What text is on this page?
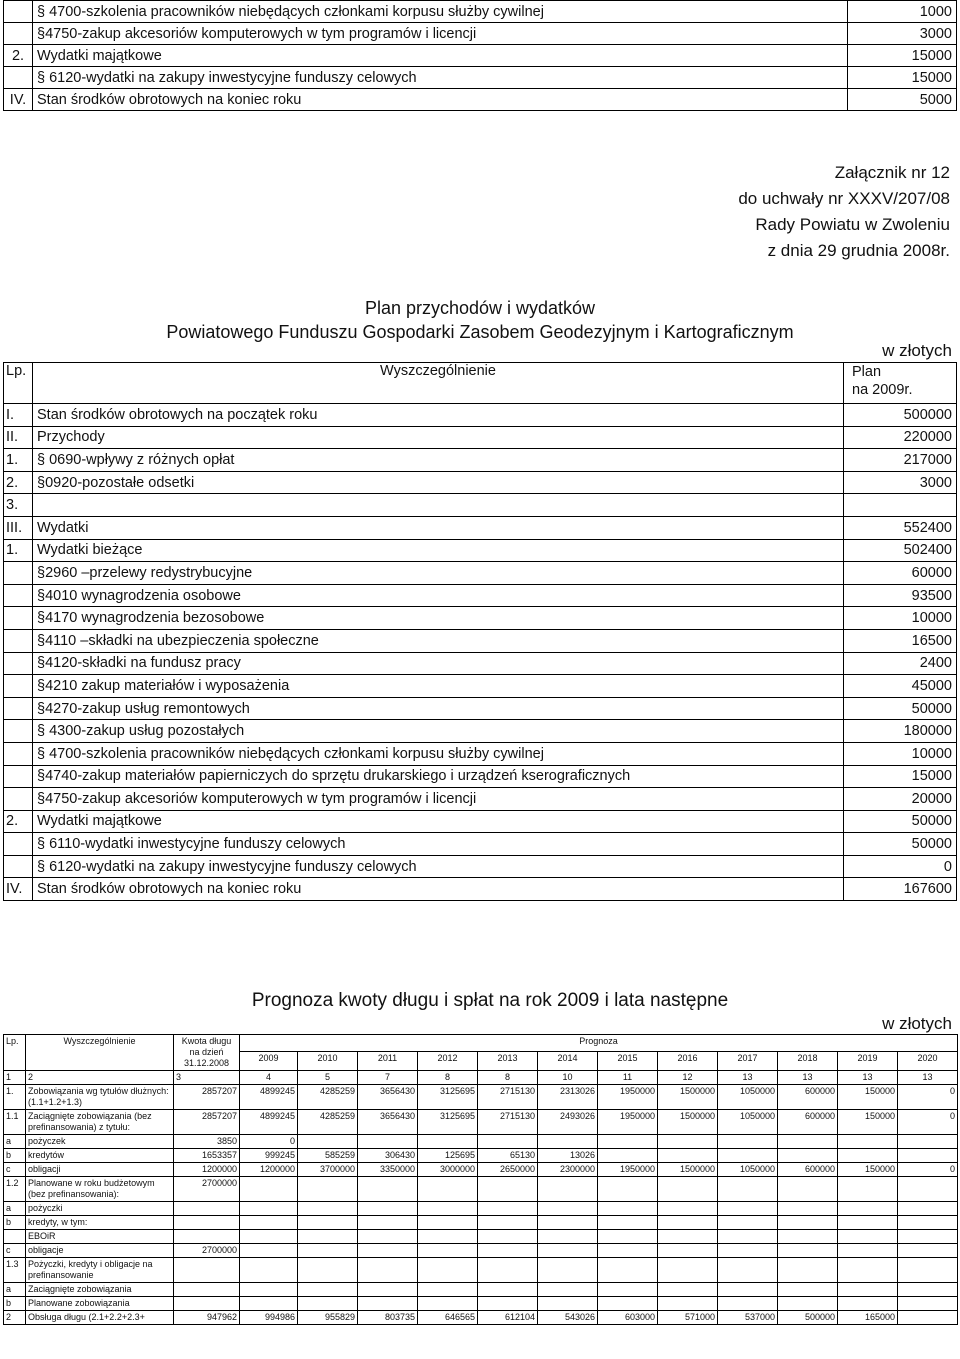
	§ 4700-szkolenia pracowników niebędących członkami korpusu służby cywilnej	1000
	§4750-zakup akcesoriów komputerowych w tym programów i licencji	3000
2.	Wydatki majątkowe	15000
	§ 6120-wydatki na zakupy inwestycyjne funduszy celowych	15000
IV.	Stan środków obrotowych na koniec roku	5000
Załącznik nr 12
do uchwały nr XXXV/207/08
Rady Powiatu w Zwoleniu
z dnia 29 grudnia 2008r.
Plan przychodów i wydatków
Powiatowego Funduszu Gospodarki Zasobem Geodezyjnym i Kartograficznym
w złotych
Lp.	Wyszczególnienie	Plan
na 2009r.

I.	Stan środków obrotowych na początek roku	500000
II.	Przychody	220000
1.	§ 0690-wpływy z różnych opłat	217000
2.	§0920-pozostałe odsetki	3000
3.		
III.	Wydatki	552400
1.	Wydatki bieżące	502400
	§2960 –przelewy redystrybucyjne	60000
	§4010 wynagrodzenia osobowe	93500
	§4170 wynagrodzenia bezosobowe	10000
	§4110 –składki na ubezpieczenia społeczne	16500
	§4120-składki na fundusz pracy	2400
	§4210 zakup materiałów i wyposażenia	45000
	§4270-zakup usług remontowych	50000
	§ 4300-zakup usług pozostałych	180000
	§ 4700-szkolenia pracowników niebędących członkami korpusu służby cywilnej	10000
	§4740-zakup materiałów papierniczych do sprzętu drukarskiego i urządzeń kserograficznych	15000
	§4750-zakup akcesoriów komputerowych w tym programów i licencji	20000
2.	Wydatki majątkowe	50000
	§ 6110-wydatki inwestycyjne funduszy celowych	50000
	§ 6120-wydatki na zakupy inwestycyjne funduszy celowych	0
IV.	Stan środków obrotowych na koniec roku	167600
Prognoza kwoty długu i spłat na rok 2009 i lata następne
w złotych
Lp.	Wyszczególnienie	Kwota długu na dzień 31.12.2008	Prognoza											
			2009	2010	2011	2012	2013	2014	2015	2016	2017	2018	2019	2020
1	2	3	4	5	7	8	8	10	11	12	13	13	13	13
1.	Zobowiązania wg tytułów dłużnych: (1.1+1.2+1.3)	2857207	4899245	4285259	3656430	3125695	2715130	2313026	1950000	1500000	1050000	600000	150000	0
1.1	Zaciągnięte zobowiązania (bez prefinansowania) z tytułu:	2857207	4899245	4285259	3656430	3125695	2715130	2493026	1950000	1500000	1050000	600000	150000	0
a	pożyczek	3850	0											
b	kredytów	1653357	999245	585259	306430	125695	65130	13026						
c	obligacji	1200000	1200000	3700000	3350000	3000000	2650000	2300000	1950000	1500000	1050000	600000	150000	0
1.2	Planowane w roku budżetowym (bez prefinansowania):	2700000												
a	pożyczki													
b	kredyty, w tym:													
	EBOiR													
c	obligacje	2700000												
1.3	Pożyczki, kredyty i obligacje na prefinansowanie													
a	Zaciągnięte zobowiązania													
b	Planowane zobowiązania													
2	Obsługa długu (2.1+2.2+2.3+	947962	994986	955829	803735	646565	612104	543026	603000	571000	537000	500000	165000	
